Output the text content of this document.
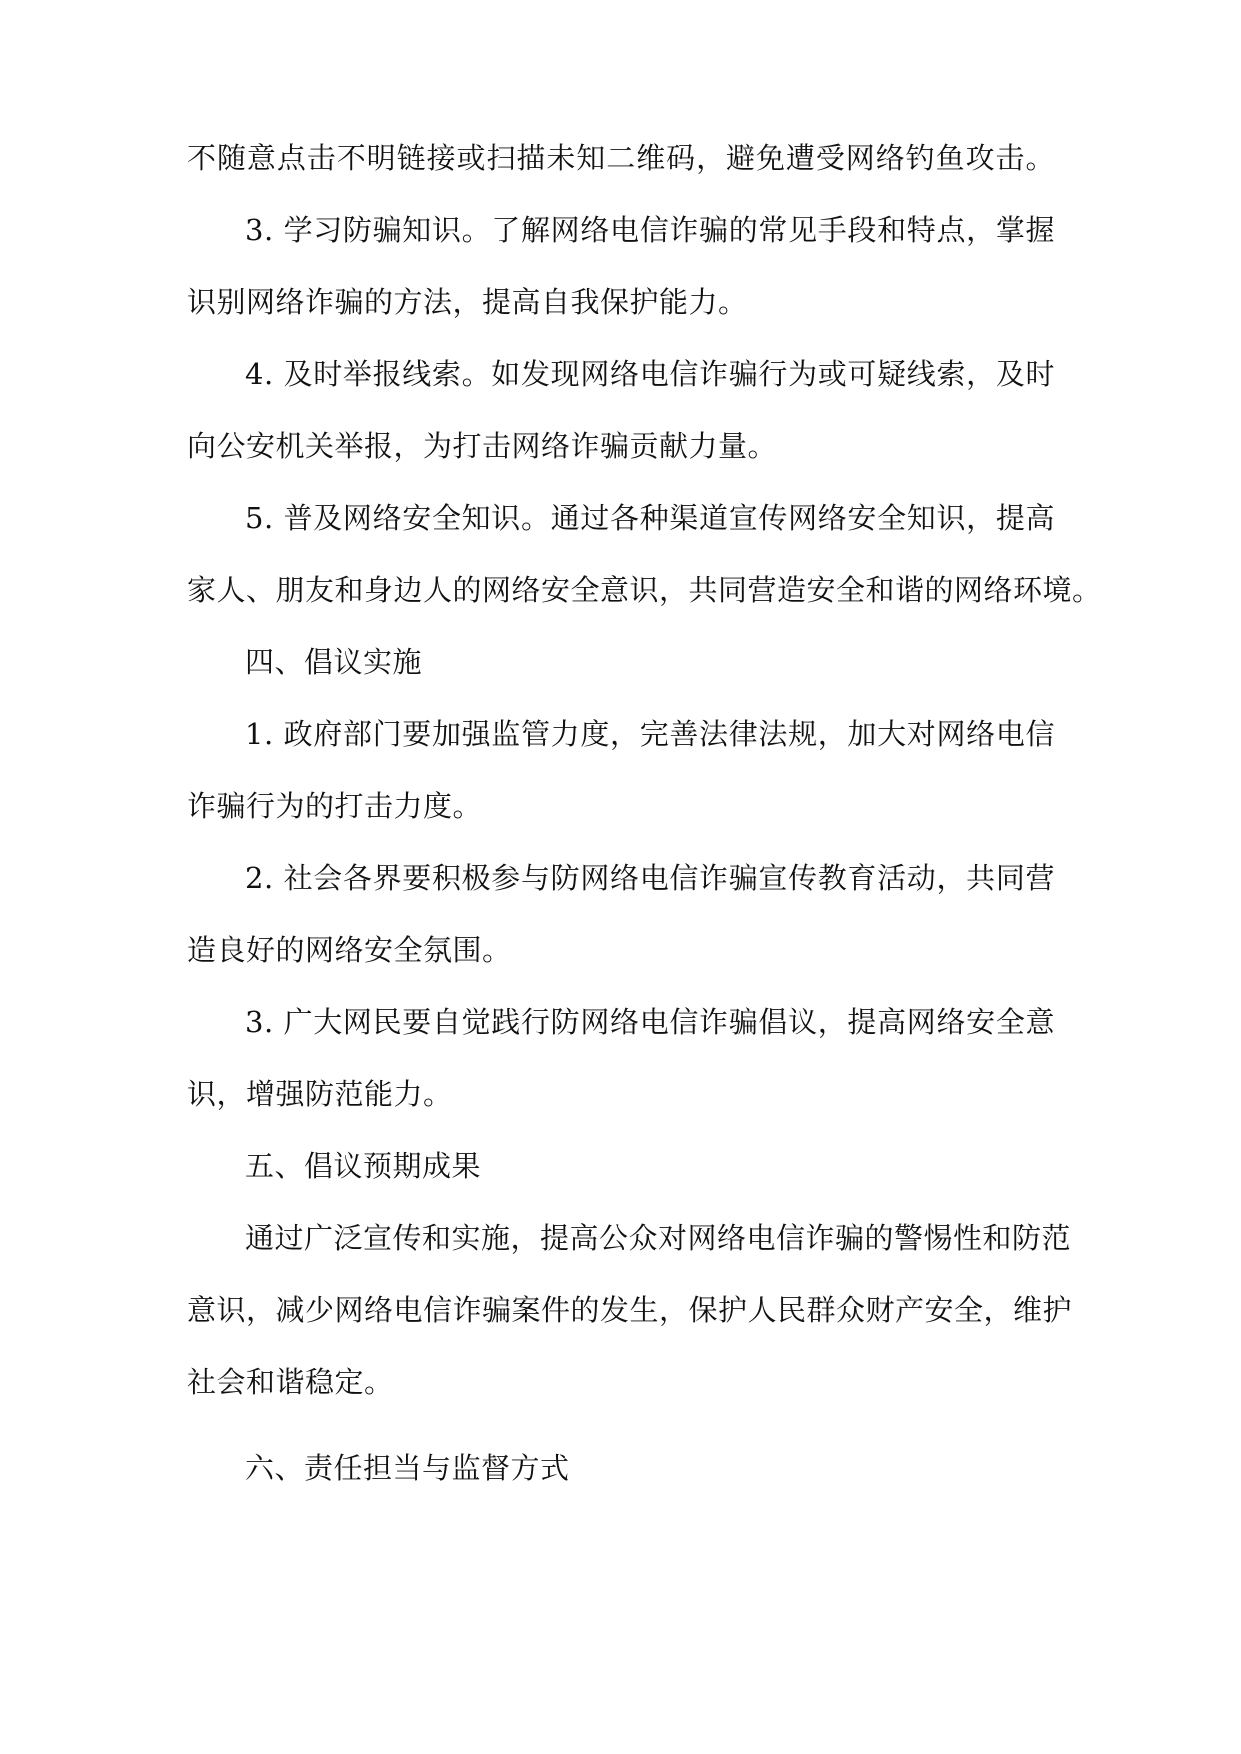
不随意点击不明链接或扫描未知二维码，避免遭受网络钓鱼攻击。
3. 学习防骗知识。了解网络电信诈骗的常见手段和特点，掌握
识别网络诈骗的方法，提高自我保护能力。
4. 及时举报线索。如发现网络电信诈骗行为或可疑线索，及时
向公安机关举报，为打击网络诈骗贡献力量。
5. 普及网络安全知识。通过各种渠道宣传网络安全知识，提高
家人、朋友和身边人的网络安全意识，共同营造安全和谐的网络环境。
四、倡议实施
1. 政府部门要加强监管力度，完善法律法规，加大对网络电信
诈骗行为的打击力度。
2. 社会各界要积极参与防网络电信诈骗宣传教育活动，共同营
造良好的网络安全氛围。
3. 广大网民要自觉践行防网络电信诈骗倡议，提高网络安全意
识，增强防范能力。
五、倡议预期成果
通过广泛宣传和实施，提高公众对网络电信诈骗的警惕性和防范
意识，减少网络电信诈骗案件的发生，保护人民群众财产安全，维护
社会和谐稳定。
六、责任担当与监督方式
